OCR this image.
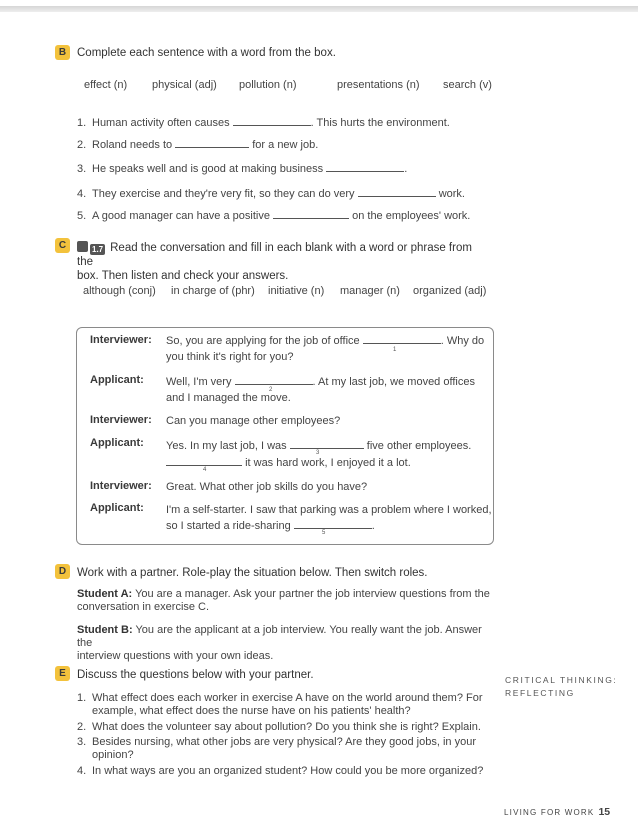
B Complete each sentence with a word from the box.
effect (n) physical (adj) pollution (n)	presentations (n) search (v)
1. Human activity often causes	. This hurts the environment.
2. Roland needs to	for a new job.
3. He speaks well and is good at making business	.
4. They exercise and they're very fit, so they can do very	work.
5. A good manager can have a positive	on the employees' work.
C	1.7 Read the conversation and fill in each blank with a word or phrase from the
box. Then listen and check your answers.
although (conj) in charge of (phr) initiative (n) manager (n) organized (adj)
Interviewer: So, you are applying for the job of office	. Why do
1
you think it's right for you?
Applicant: Well, I'm very	. At my last job, we moved offices
2
and I managed the move.
Interviewer: Can you manage other employees?
Applicant: Yes. In my last job, I was	five other employees.
3
it was hard work, I enjoyed it a lot.
4
Interviewer: Great. What other job skills do you have?
Applicant: I'm a self-starter. I saw that parking was a problem where I worked,
so I started a ride-sharing	.
5
D Work with a partner. Role-play the situation below. Then switch roles.
Student A: You are a manager. Ask your partner the job interview questions from the
conversation in exercise C.
Student B: You are the applicant at a job interview. You really want the job. Answer the
interview questions with your own ideas.
E Discuss the questions below with your partner.
1. What effect does each worker in exercise A have on the world around them? For
example, what effect does the nurse have on his patients' health?
2. What does the volunteer say about pollution? Do you think she is right? Explain.
3. Besides nursing, what other jobs are very physical? Are they good jobs, in your
opinion?
4. In what ways are you an organized student? How could you be more organized?
CRITICAL THINKING:
REFLECTING
LIVING FOR WORK 15
